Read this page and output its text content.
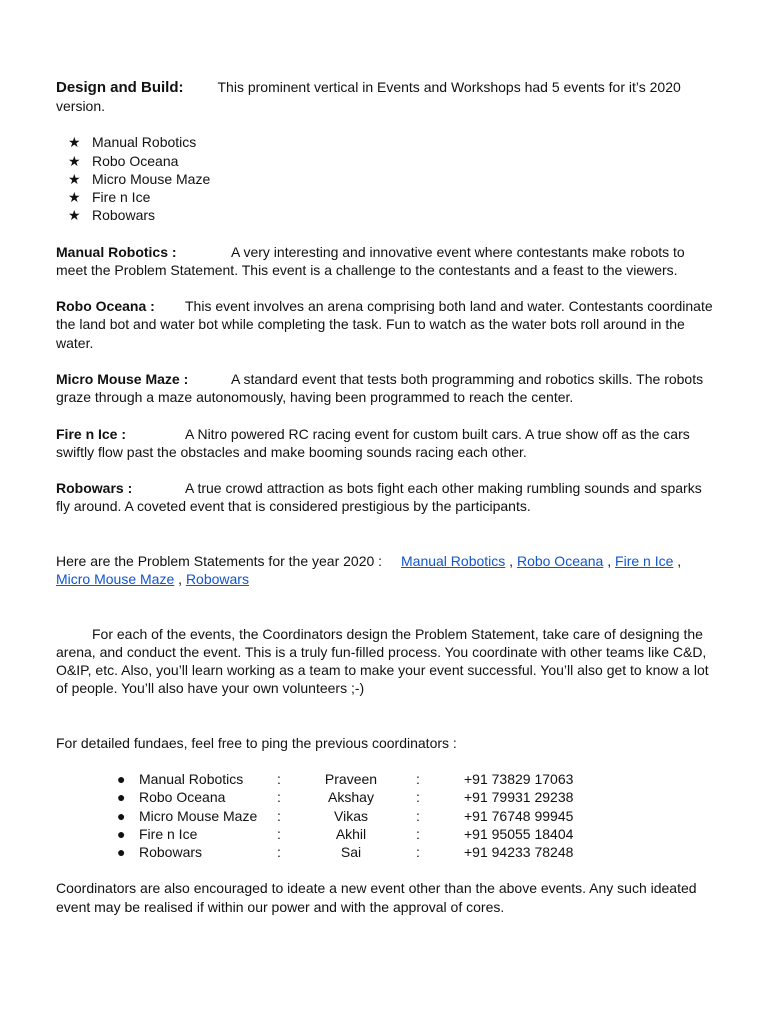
Design and Build: This prominent vertical in Events and Workshops had 5 events for it’s 2020 version.

★ Manual Robotics
★ Robo Oceana
★ Micro Mouse Maze
★ Fire n Ice
★ Robowars

Manual Robotics :	A very interesting and innovative event where contestants make robots to meet the Problem Statement. This event is a challenge to the contestants and a feast to the viewers.

Robo Oceana : This event involves an arena comprising both land and water. Contestants coordinate the land bot and water bot while completing the task. Fun to watch as the water bots roll around in the water.

Micro Mouse Maze :	A standard event that tests both programming and robotics skills. The robots graze through a maze autonomously, having been programmed to reach the center.

Fire n Ice :	A Nitro powered RC racing event for custom built cars. A true show off as the cars swiftly flow past the obstacles and make booming sounds racing each other.

Robowars :	A true crowd attraction as bots fight each other making rumbling sounds and sparks fly around. A coveted event that is considered prestigious by the participants.

Here are the Problem Statements for the year 2020 : Manual Robotics , Robo Oceana , Fire n Ice , Micro Mouse Maze , Robowars

For each of the events, the Coordinators design the Problem Statement, take care of designing the arena, and conduct the event. This is a truly fun-filled process. You coordinate with other teams like C&D, O&IP, etc. Also, you’ll learn working as a team to make your event successful. You’ll also get to know a lot of people. You’ll also have your own volunteers ;-)

For detailed fundaes, feel free to ping the previous coordinators :

● Manual Robotics :	Praveen	:	+91 73829 17063
● Robo Oceana	:	Akshay	:	+91 79931 29238
● Micro Mouse Maze :	Vikas	:	+91 76748 99945
● Fire n Ice	:	Akhil	:	+91 95055 18404
● Robowars	:	Sai	:	+91 94233 78248

Coordinators are also encouraged to ideate a new event other than the above events. Any such ideated event may be realised if within our power and with the approval of cores.
